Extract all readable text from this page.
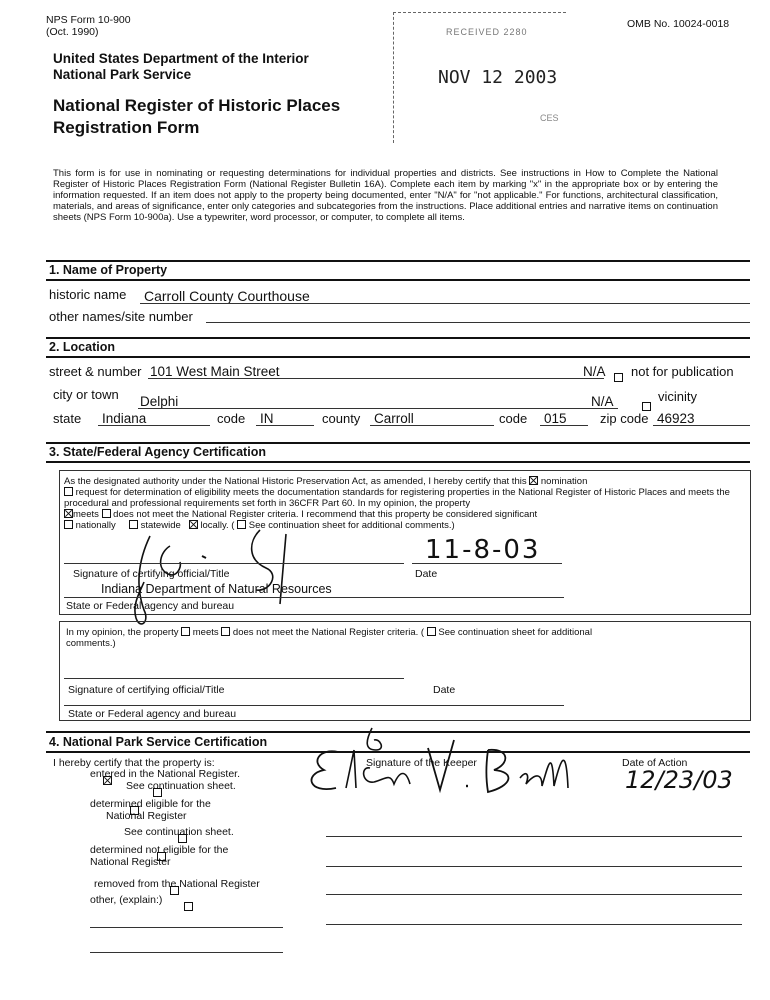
NPS Form 10-900
(Oct. 1990)
OMB No. 10024-0018
United States Department of the Interior
National Park Service
National Register of Historic Places
Registration Form
RECEIVED 2280
NOV 12 2003
CES
This form is for use in nominating or requesting determinations for individual properties and districts. See instructions in How to Complete the National Register of Historic Places Registration Form (National Register Bulletin 16A). Complete each item by marking "x" in the appropriate box or by entering the information requested. If an item does not apply to the property being documented, enter "N/A" for "not applicable." For functions, architectural classification, materials, and areas of significance, enter only categories and subcategories from the instructions. Place additional entries and narrative items on continuation sheets (NPS Form 10-900a). Use a typewriter, word processor, or computer, to complete all items.
1. Name of Property
historic name Carroll County Courthouse
other names/site number
2. Location
street & number 101 West Main Street	N/A
not for publication
city or town Delphi	N/A
	vicinity
state Indiana	code IN	county Carroll	code 015	zip code 46923
3. State/Federal Agency Certification

As the designated authority under the National Historic Preservation Act, as amended, I hereby certify that this nomination

request for determination of eligibility meets the documentation standards for registering properties in the National Register of Historic Places and meets the procedural and professional requirements set forth in 36CFR Part 60. In my opinion, the property

meets does not meet the National Register criteria. I recommend that this property be considered significant

nationally	statewide locally. ( See continuation sheet for additional comments.)

11-8-03
Signature of certifying official/Title	Date
Indiana Department of Natural Resources
State or Federal agency and bureau

In my opinion, the property meets does not meet the National Register criteria. ( See continuation sheet for additional

comments.)

Signature of certifying official/Title	Date
State or Federal agency and bureau
4. National Park Service Certification
I hereby certify that the property is:

entered in the National Register.

See continuation sheet.

determined eligible for the
National Register

See continuation sheet.

determined not eligible for the
National Register

removed from the National Register
other, (explain:)
Signature of the Keeper	Date of Action
12/23/03
